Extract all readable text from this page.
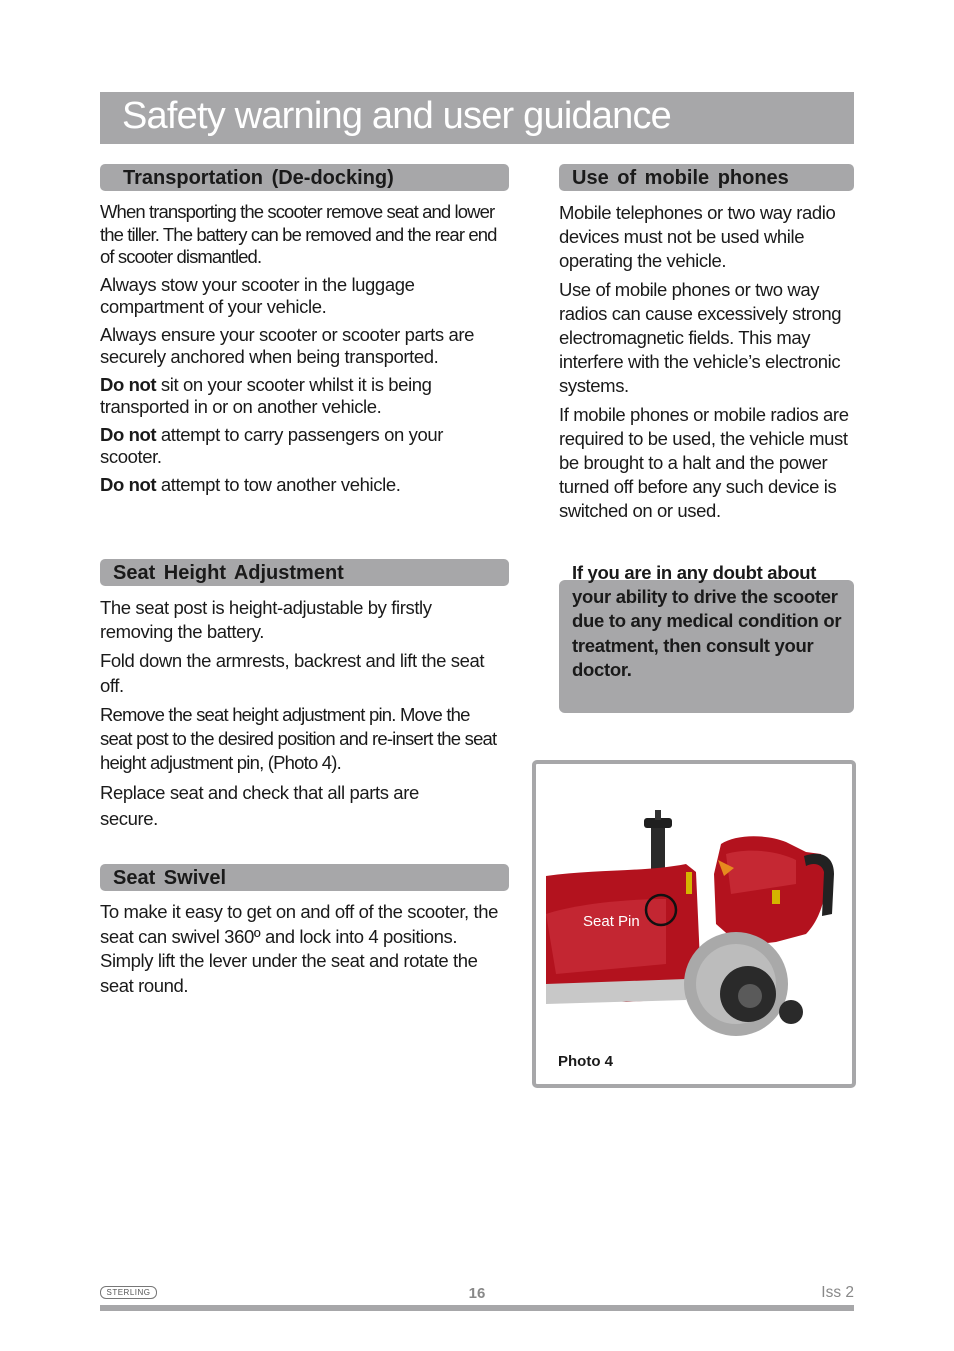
Safety warning and user guidance
Transportation (De-docking)

When transporting the scooter remove seat and lower the tiller. The battery can be removed and the rear end of scooter dismantled.

Always stow your scooter in the luggage compartment of your vehicle.

Always ensure your scooter or scooter parts are securely anchored when being transported.

Do not sit on your scooter whilst it is being transported in or on another vehicle.

Do not attempt to carry passengers on your scooter.

Do not attempt to tow another vehicle.

Seat Height Adjustment

The seat post is height-adjustable by firstly removing the battery.

Fold down the armrests, backrest and lift the seat off.

Remove the seat height adjustment pin. Move the seat post to the desired position and re-insert the seat height adjustment pin, (Photo 4).

Replace seat and check that all parts are secure.

Seat Swivel

To make it easy to get on and off of the scooter, the seat can swivel 360º and lock into 4 positions. Simply lift the lever under the seat and rotate the seat round.

Use of mobile phones

Mobile telephones or two way radio devices must not be used while operating the vehicle.

Use of mobile phones or two way radios can cause excessively strong electromagnetic fields. This may interfere with the vehicle’s electronic systems.

If mobile phones or mobile radios are required to be used, the vehicle must be brought to a halt and the power turned off before any such device is switched on or used.

If you are in any doubt about your ability to drive the scooter due to any medical condition or treatment, then consult your doctor.
Seat Pin
Photo 4
STERLING	16	Iss 2
